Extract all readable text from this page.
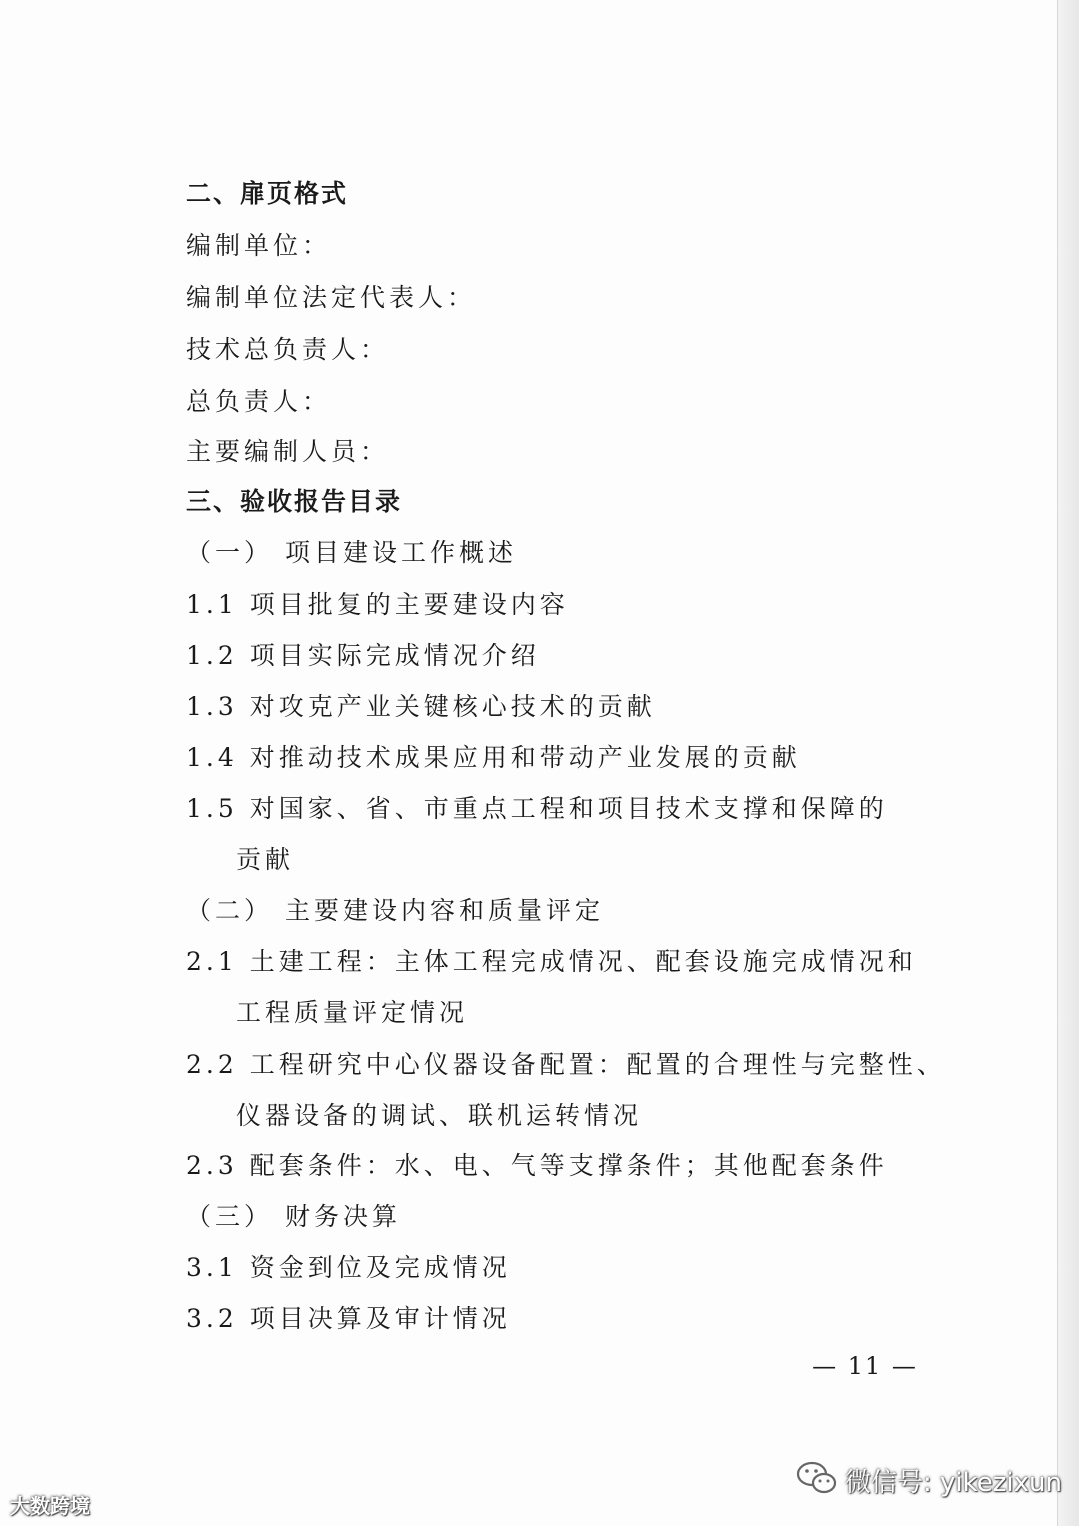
二、扉页格式
编制单位：
编制单位法定代表人：
技术总负责人：
总负责人：
主要编制人员：
三、验收报告目录
（一） 项目建设工作概述
1.1 项目批复的主要建设内容
1.2 项目实际完成情况介绍
1.3 对攻克产业关键核心技术的贡献
1.4 对推动技术成果应用和带动产业发展的贡献
1.5 对国家、省、市重点工程和项目技术支撑和保障的
贡献
（二） 主要建设内容和质量评定
2.1 土建工程：主体工程完成情况、配套设施完成情况和
工程质量评定情况
2.2 工程研究中心仪器设备配置：配置的合理性与完整性、
仪器设备的调试、联机运转情况
2.3 配套条件：水、电、气等支撑条件；其他配套条件
（三） 财务决算
3.1 资金到位及完成情况
3.2 项目决算及审计情况
— 11 —
大数跨境
微信号: yikezixun
